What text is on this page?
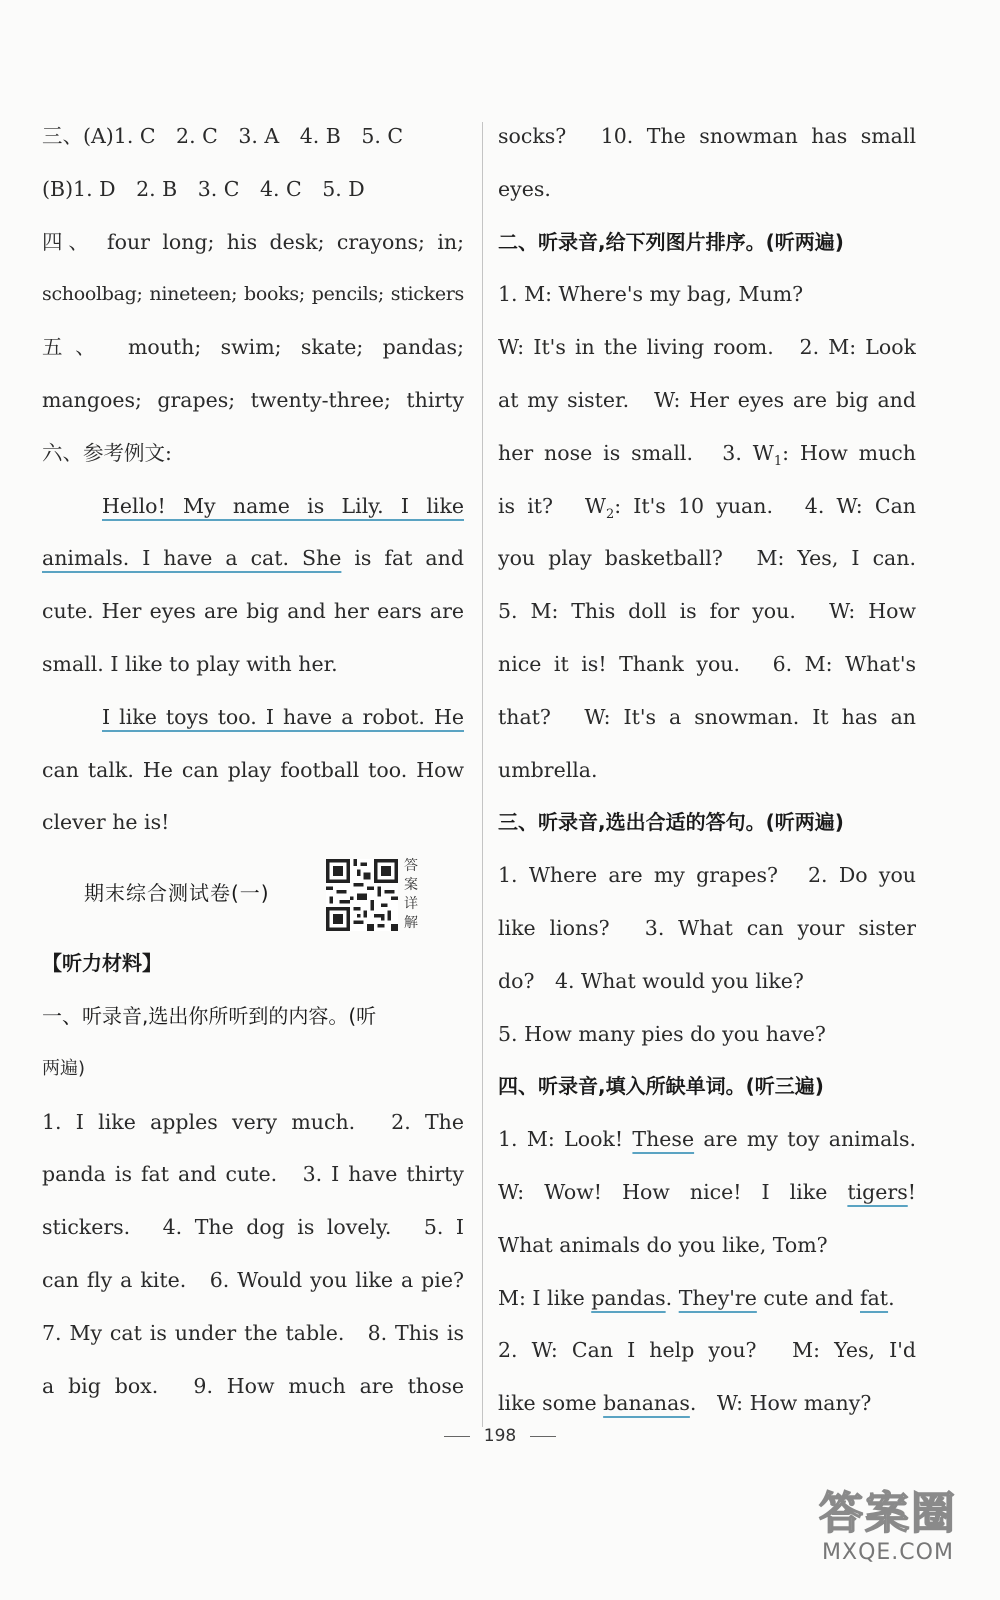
三、(A)1. C　2. C　3. A　4. B　5. C
(B)1. D　2. B　3. C　4. C　5. D
四、 four long; his desk; crayons; in;
schoolbag; nineteen; books; pencils; stickers
五、 mouth; swim; skate; pandas;
mangoes; grapes; twenty-three; thirty
六、参考例文:
Hello! My name is Lily. I like
animals. I have a cat. She is fat and
cute. Her eyes are big and her ears are
small. I like to play with her.
I like toys too. I have a robot. He
can talk. He can play football too. How
clever he is!
期末综合测试卷(一)
答案详解
【听力材料】
一、听录音,选出你所听到的内容。(听
两遍)
1. I like apples very much.　2. The
panda is fat and cute.　3. I have thirty
stickers.　4. The dog is lovely.　5. I
can fly a kite.　6. Would you like a pie?
7. My cat is under the table.　8. This is
a big box.　9. How much are those
socks?　10. The snowman has small
eyes.
二、听录音,给下列图片排序。(听两遍)
1. M: Where's my bag, Mum?
W: It's in the living room.　2. M: Look
at my sister.　W: Her eyes are big and
her nose is small.　3. $W_1$: How much
is it?　$W_2$: It's 10 yuan.　4. W: Can
you play basketball?　M: Yes, I can.
5. M: This doll is for you.　W: How
nice it is! Thank you.　6. M: What's
that?　W: It's a snowman. It has an
umbrella.
三、听录音,选出合适的答句。(听两遍)
1. Where are my grapes?　2. Do you
like lions?　3. What can your sister
do?　4. What would you like?
5. How many pies do you have?
四、听录音,填入所缺单词。(听三遍)
1. M: Look! These are my toy animals.
W: Wow! How nice! I like tigers!
What animals do you like, Tom?
M: I like pandas. They're cute and fat.
2. W: Can I help you?　M: Yes, I'd
like some bananas.　W: How many?
198
答案圈
MXQE.COM
